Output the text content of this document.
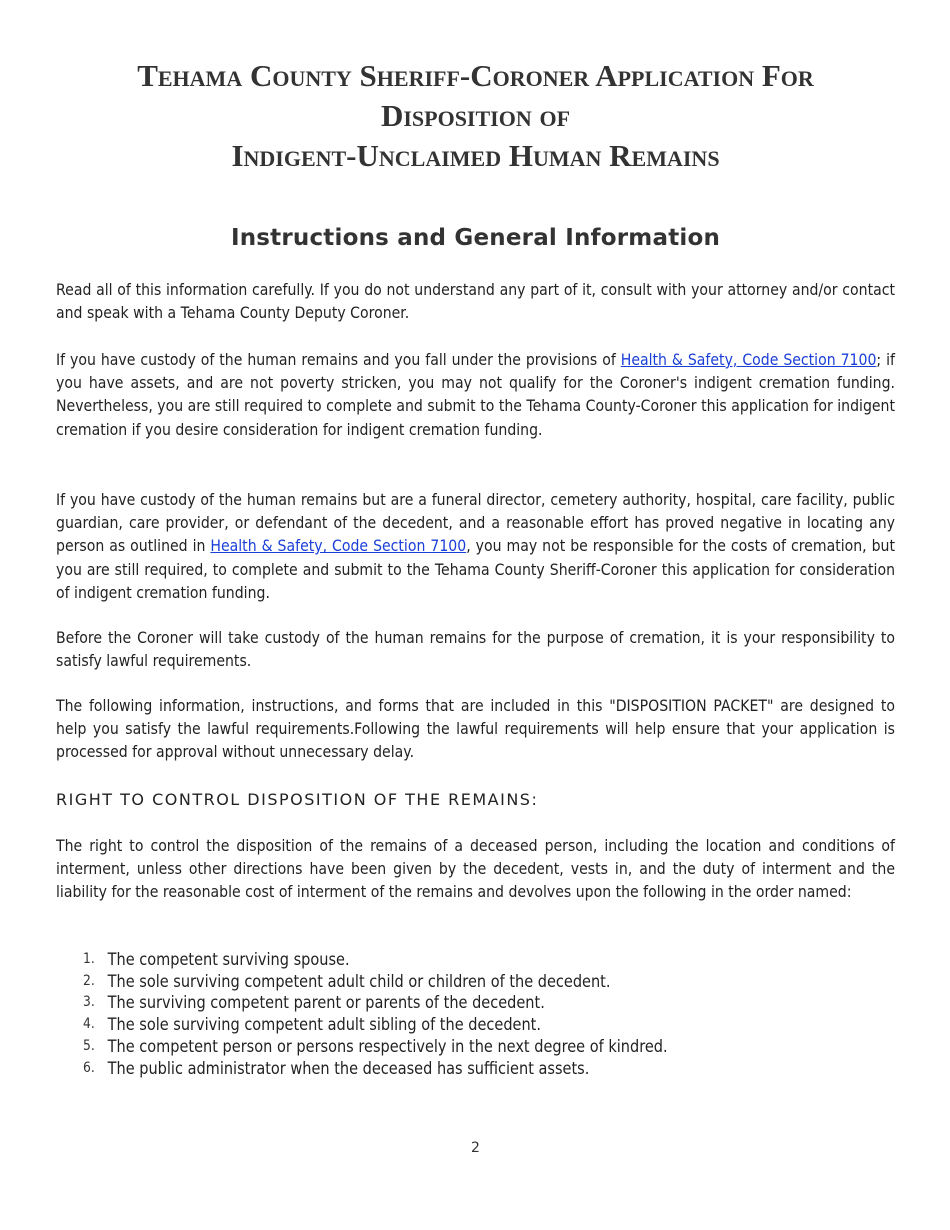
Tehama County Sheriff-Coroner Application For
Disposition of
Indigent-Unclaimed Human Remains
Instructions and General Information

Read all of this information carefully. If you do not understand any part of it, consult with your attorney and/or contact and speak with a Tehama County Deputy Coroner.

If you have custody of the human remains and you fall under the provisions of Health & Safety, Code Section 7100; if you have assets, and are not poverty stricken, you may not qualify for the Coroner's indigent cremation funding. Nevertheless, you are still required to complete and submit to the Tehama County-Coroner this application for indigent cremation if you desire consideration for indigent cremation funding.

If you have custody of the human remains but are a funeral director, cemetery authority, hospital, care facility, public guardian, care provider, or defendant of the decedent, and a reasonable effort has proved negative in locating any person as outlined in Health & Safety, Code Section 7100, you may not be responsible for the costs of cremation, but you are still required, to complete and submit to the Tehama County Sheriff-Coroner this application for consideration of indigent cremation funding.

Before the Coroner will take custody of the human remains for the purpose of cremation, it is your responsibility to satisfy lawful requirements.

The following information, instructions, and forms that are included in this "DISPOSITION PACKET" are designed to help you satisfy the lawful requirements.Following the lawful requirements will help ensure that your application is processed for approval without unnecessary delay.

RIGHT TO CONTROL DISPOSITION OF THE REMAINS:

The right to control the disposition of the remains of a deceased person, including the location and conditions of interment, unless other directions have been given by the decedent, vests in, and the duty of interment and the liability for the reasonable cost of interment of the remains and devolves upon the following in the order named:

1. The competent surviving spouse.
2. The sole surviving competent adult child or children of the decedent.
3. The surviving competent parent or parents of the decedent.
4. The sole surviving competent adult sibling of the decedent.
5. The competent person or persons respectively in the next degree of kindred.
6. The public administrator when the deceased has sufficient assets.
2
